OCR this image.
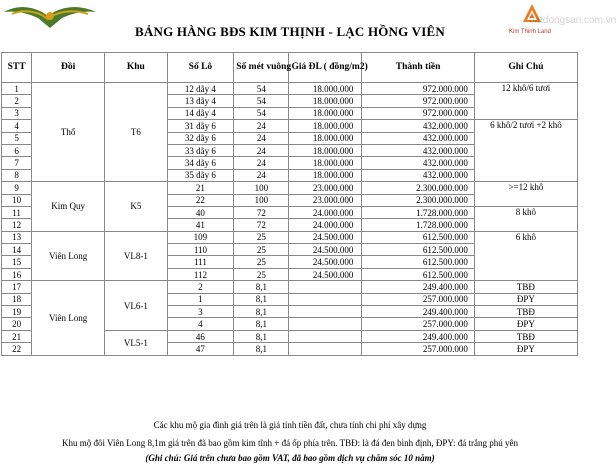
BẢNG HÀNG BĐS KIM THỊNH - LẠC HỒNG VIÊN	Kim Thinh Land
batdongsan.com.vn
STT	Đồi	Khu	Số Lô	Số mét vuông	Giá ĐL ( đồng/m2)	Thành tiền	Ghi Chú
1	Thổ	T6	12 dãy 4	54	18.000.000	972.000.000	12 khô/6 tươi
2			13 dãy 4	54	18.000.000	972.000.000	
3			14 dãy 4	54	18.000.000	972.000.000	
4			31 dãy 6	24	18.000.000	432.000.000	6 khô/2 tươi +2 khô
5			32 dãy 6	24	18.000.000	432.000.000	
6			33 dãy 6	24	18.000.000	432.000.000	
7			34 dãy 6	24	18.000.000	432.000.000	
8			35 dãy 6	24	18.000.000	432.000.000	
9	Kim Quy	K5	21	100	23.000.000	2.300.000.000	>=12 khô
10			22	100	23.000.000	2.300.000.000	
11			40	72	24.000.000	1.728.000.000	8 khô
12			41	72	24.000.000	1.728.000.000	
13	Viên Long	VL8-1	109	25	24.500.000	612.500.000	6 khô
14			110	25	24.500.000	612.500.000	
15			111	25	24.500.000	612.500.000	
16			112	25	24.500.000	612.500.000	
17	Viên Long	VL6-1	2	8,1		249.400.000	TBĐ
18			1	8,1		257.000.000	ĐPY
19			3	8,1		249.400.000	TBĐ
20			4	8,1		257.000.000	ĐPY
21		VL5-1	46	8,1		249.400.000	TBĐ
22			47	8,1		257.000.000	ĐPY
Các khu mộ gia đình giá trên là giá tính tiền đất, chưa tính chi phí xây dựng
Khu mộ đôi Viên Long 8,1m giá trên đã bao gồm kim tĩnh + đá ốp phía trên. TBĐ: là đá đen bình định, ĐPY: đá trắng phú yên
(Ghi chú: Giá trên chưa bao gồm VAT, đã bao gồm dịch vụ chăm sóc 10 năm)
